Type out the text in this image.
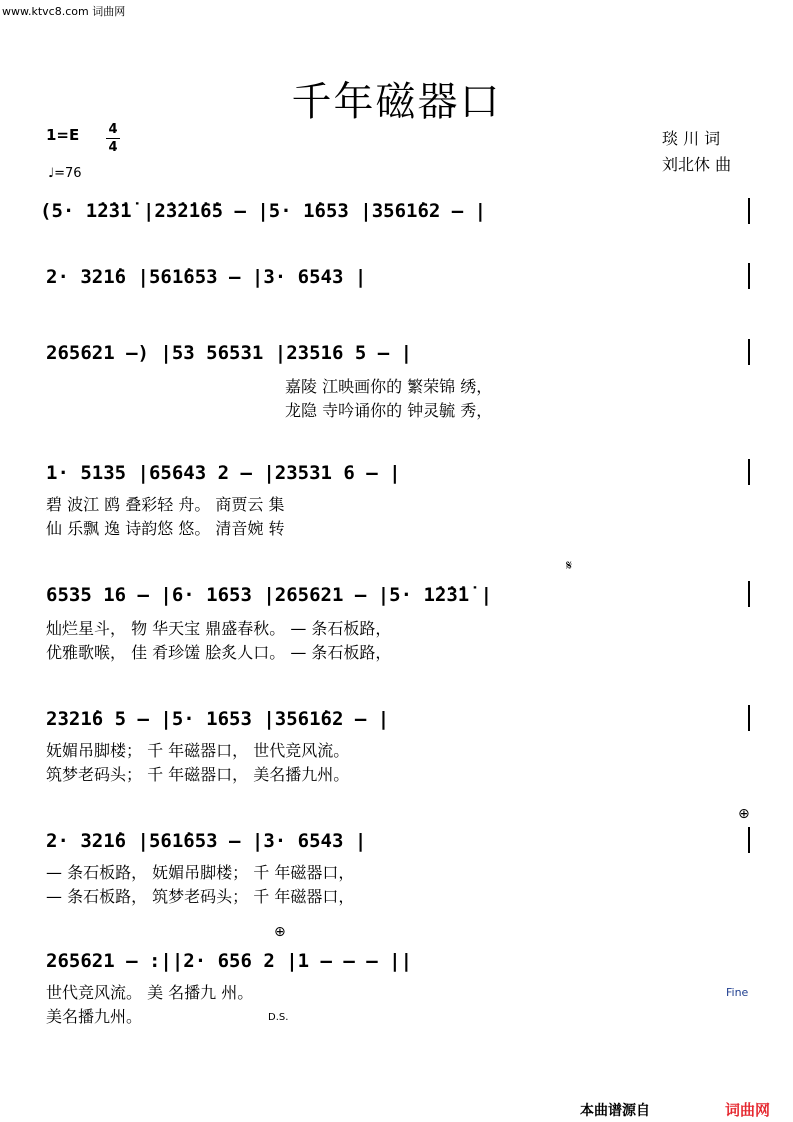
www.ktvc8.com 词曲网
千年磁器口
1=E	4
4
♩=76
琰 川 词
刘北休 曲
(5· 1̇2̇3̇1̇ |2̇3̇2̇1̇6̇5 – |5· 1̇653 |3561̇62 – |
2· 321̇6 |561̇653 – |3· 6543 |
265621 –) |53 56531 |23516 5 – |
嘉陵 江映画你的 繁荣锦 绣，
龙隐 寺吟诵你的 钟灵毓 秀，
1· 5135 |65643 2 – |23531 6 – |
碧 波江 鸥 叠彩轻 舟。 商贾云 集
仙 乐飘 逸 诗韵悠 悠。 清音婉 转
𝄋
6535 16 – |6· 1653 |265621 – |5· 1̇2̇3̇1̇ |
灿烂星斗， 物 华天宝 鼎盛春秋。 — 条石板路，
优雅歌喉， 佳 肴珍馐 脍炙人口。 — 条石板路，
2321̇6 5 – |5· 1653 |3561̇62 – |
妩媚吊脚楼； 千 年磁器口， 世代竞风流。
筑梦老码头； 千 年磁器口， 美名播九州。
⊕
2· 321̇6 |561̇653 – |3· 6543 |
— 条石板路， 妩媚吊脚楼； 千 年磁器口，
— 条石板路， 筑梦老码头； 千 年磁器口，
⊕
265621 – :||2· 656 2 |1 – – – ||
世代竞风流。 美 名播九 州。
美名播九州。	D.S.
Fine
本曲谱源自	词曲网
